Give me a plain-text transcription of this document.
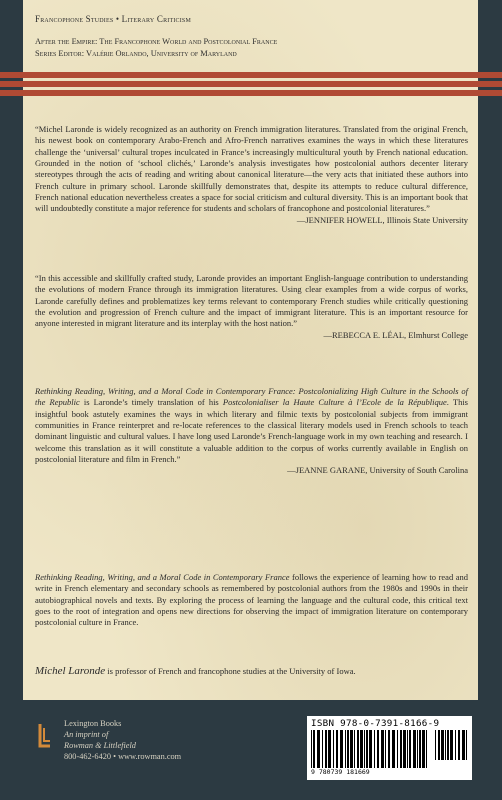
Francophone Studies • Literary Criticism
After the Empire: The Francophone World and Postcolonial France
Series Editor: Valérie Orlando, University of Maryland
“Michel Laronde is widely recognized as an authority on French immigration literatures. Translated from the original French, his newest book on contemporary Arabo-French and Afro-French narratives examines the ways in which these literatures challenge the ‘universal’ cultural tropes inculcated in France’s increasingly multicultural youth by French national education. Grounded in the notion of ‘school clichés,’ Laronde’s analysis investigates how postcolonial authors decenter literary stereotypes through the acts of reading and writing about canonical literature—the very acts that initiated these authors into French culture in primary school. Laronde skillfully demonstrates that, despite its attempts to reduce cultural difference, French national education nevertheless creates a space for social criticism and cultural diversity. This is an important book that will undoubtedly constitute a major reference for students and scholars of francophone and postcolonial literatures.”
—JENNIFER HOWELL, Illinois State University
“In this accessible and skillfully crafted study, Laronde provides an important English-language contribution to understanding the evolutions of modern France through its immigration literatures. Using clear examples from a wide corpus of works, Laronde carefully defines and problematizes key terms relevant to contemporary French studies while critically questioning the evolution and progression of French culture and the impact of immigrant literature. This is an important resource for anyone interested in migrant literature and its interplay with the host nation.”
—REBECCA E. LÉAL, Elmhurst College
Rethinking Reading, Writing, and a Moral Code in Contemporary France: Postcolonializing High Culture in the Schools of the Republic is Laronde’s timely translation of his Postcolonialiser la Haute Culture à l’Ecole de la République. This insightful book astutely examines the ways in which literary and filmic texts by postcolonial subjects from immigrant communities in France reinterpret and re-locate references to the classical literary models used in French schools to teach dominant linguistic and cultural values. I have long used Laronde’s French-language work in my own teaching and research. I welcome this translation as it will constitute a valuable addition to the corpus of works currently available in English on postcolonial literature and film in French.”
—JEANNE GARANE, University of South Carolina
Rethinking Reading, Writing, and a Moral Code in Contemporary France follows the experience of learning how to read and write in French elementary and secondary schools as remembered by postcolonial authors from the 1980s and 1990s in their autobiographical novels and texts. By exploring the process of learning the language and the cultural code, this critical text goes to the root of integration and opens new directions for observing the impact of immigration literature on contemporary postcolonial culture in France.
Michel Laronde is professor of French and francophone studies at the University of Iowa.
Lexington Books
An imprint of
Rowman & Littlefield
800-462-6420 • www.rowman.com
ISBN 978-0-7391-8166-9
9 780739 181669
